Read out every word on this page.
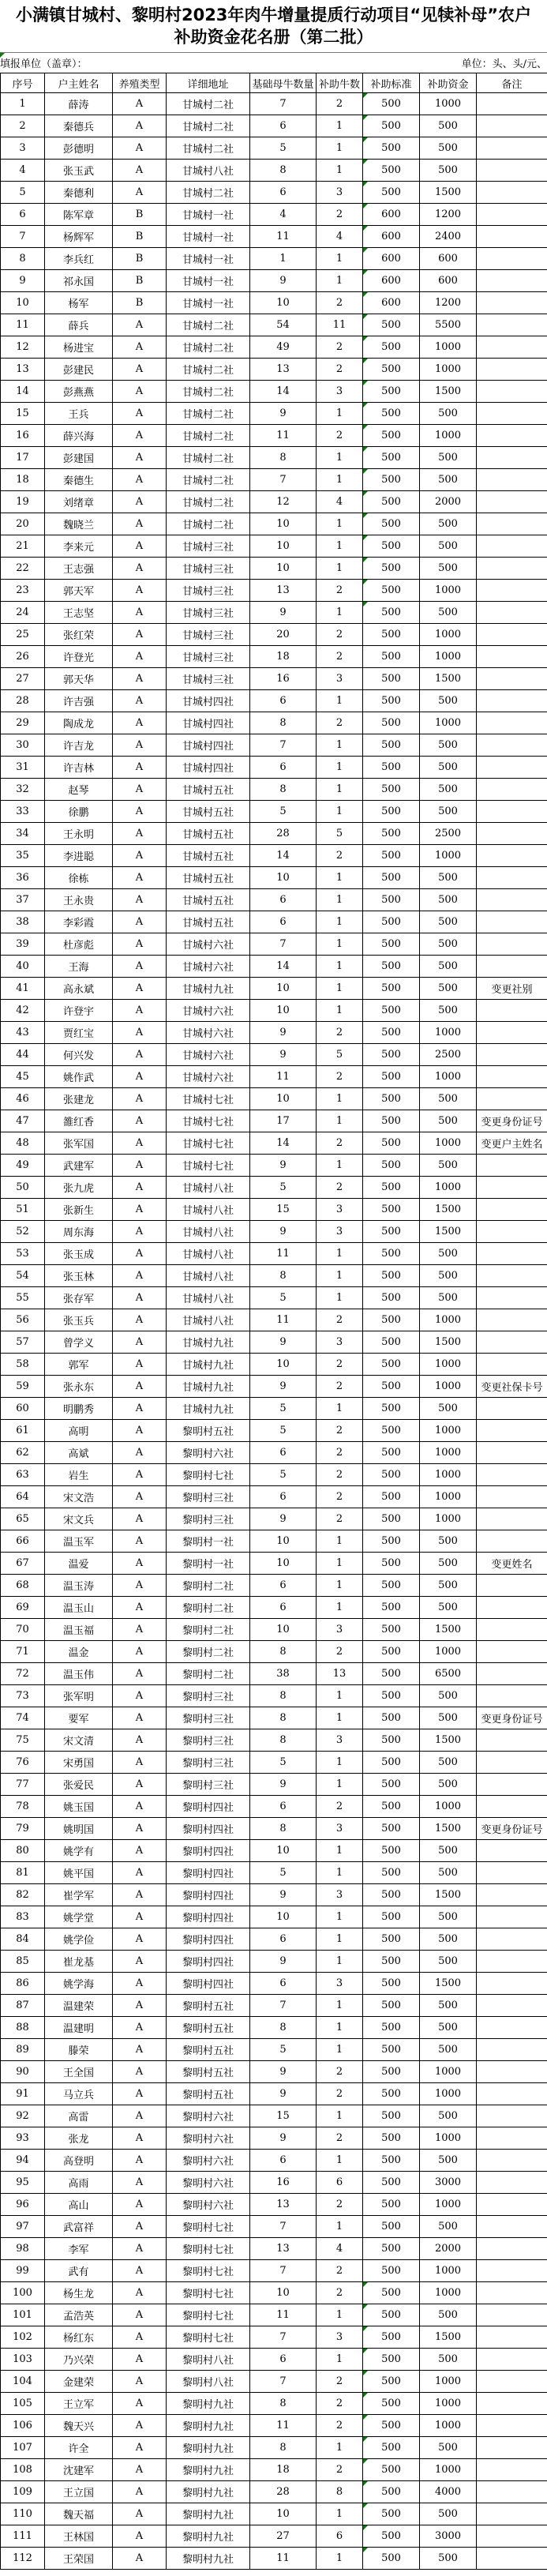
小满镇甘城村、黎明村2023年肉牛增量提质行动项目“见犊补母”农户
补助资金花名册（第二批）
填报单位（盖章）：	单位：头、头/元、
序号	户主姓名	养殖类型	详细地址	基础母牛数量	补助牛数	补助标准	补助资金	备注
1	薛涛	A	甘城村二社	7	2	500	1000	
2	秦德兵	A	甘城村二社	6	1	500	500	
3	彭德明	A	甘城村二社	5	1	500	500	
4	张玉武	A	甘城村八社	8	1	500	500	
5	秦德利	A	甘城村二社	6	3	500	1500	
6	陈军章	B	甘城村一社	4	2	600	1200	
7	杨辉军	B	甘城村一社	11	4	600	2400	
8	李兵红	B	甘城村一社	1	1	600	600	
9	祁永国	B	甘城村一社	9	1	600	600	
10	杨军	B	甘城村一社	10	2	600	1200	
11	薛兵	A	甘城村二社	54	11	500	5500	
12	杨进宝	A	甘城村二社	49	2	500	1000	
13	彭建民	A	甘城村二社	13	2	500	1000	
14	彭燕燕	A	甘城村二社	14	3	500	1500	
15	王兵	A	甘城村二社	9	1	500	500	
16	薛兴海	A	甘城村二社	11	2	500	1000	
17	彭建国	A	甘城村二社	8	1	500	500	
18	秦德生	A	甘城村二社	7	1	500	500	
19	刘绪章	A	甘城村二社	12	4	500	2000	
20	魏晓兰	A	甘城村二社	10	1	500	500	
21	李来元	A	甘城村三社	10	1	500	500	
22	王志强	A	甘城村三社	10	1	500	500	
23	郭天军	A	甘城村三社	13	2	500	1000	
24	王志坚	A	甘城村三社	9	1	500	500	
25	张红荣	A	甘城村三社	20	2	500	1000	
26	许登光	A	甘城村三社	18	2	500	1000	
27	郭天华	A	甘城村三社	16	3	500	1500	
28	许吉强	A	甘城村四社	6	1	500	500	
29	陶成龙	A	甘城村四社	8	2	500	1000	
30	许吉龙	A	甘城村四社	7	1	500	500	
31	许吉林	A	甘城村四社	6	1	500	500	
32	赵琴	A	甘城村五社	8	1	500	500	
33	徐鹏	A	甘城村五社	5	1	500	500	
34	王永明	A	甘城村五社	28	5	500	2500	
35	李进聪	A	甘城村五社	14	2	500	1000	
36	徐栋	A	甘城村五社	10	1	500	500	
37	王永贵	A	甘城村五社	6	1	500	500	
38	李彩霞	A	甘城村五社	6	1	500	500	
39	杜彦彪	A	甘城村六社	7	1	500	500	
40	王海	A	甘城村六社	14	1	500	500	
41	高永斌	A	甘城村九社	10	1	500	500	变更社别
42	许登宇	A	甘城村六社	10	1	500	500	
43	贾红宝	A	甘城村六社	9	2	500	1000	
44	何兴发	A	甘城村六社	9	5	500	2500	
45	姚作武	A	甘城村六社	11	2	500	1000	
46	张建龙	A	甘城村七社	10	1	500	500	
47	雒红香	A	甘城村七社	17	1	500	500	变更身份证号
48	张军国	A	甘城村七社	14	2	500	1000	变更户主姓名
49	武建军	A	甘城村七社	9	1	500	500	
50	张九虎	A	甘城村八社	5	2	500	1000	
51	张新生	A	甘城村八社	15	3	500	1500	
52	周东海	A	甘城村八社	9	3	500	1500	
53	张玉成	A	甘城村八社	11	1	500	500	
54	张玉林	A	甘城村八社	8	1	500	500	
55	张存军	A	甘城村八社	5	1	500	500	
56	张玉兵	A	甘城村八社	11	2	500	1000	
57	曾学义	A	甘城村九社	9	3	500	1500	
58	郭军	A	甘城村九社	10	2	500	1000	
59	张永东	A	甘城村九社	9	2	500	1000	变更社保卡号
60	明鹏秀	A	甘城村九社	5	1	500	500	
61	高明	A	黎明村五社	5	2	500	1000	
62	高斌	A	黎明村六社	6	2	500	1000	
63	岩生	A	黎明村七社	5	2	500	1000	
64	宋文浩	A	黎明村三社	6	2	500	1000	
65	宋文兵	A	黎明村三社	9	2	500	1000	
66	温玉军	A	黎明村一社	10	1	500	500	
67	温爱	A	黎明村一社	10	1	500	500	变更姓名
68	温玉涛	A	黎明村二社	6	1	500	500	
69	温玉山	A	黎明村二社	6	1	500	500	
70	温玉福	A	黎明村二社	10	3	500	1500	
71	温金	A	黎明村二社	8	2	500	1000	
72	温玉伟	A	黎明村二社	38	13	500	6500	
73	张军明	A	黎明村三社	8	1	500	500	
74	要军	A	黎明村三社	8	1	500	500	变更身份证号
75	宋文清	A	黎明村三社	8	3	500	1500	
76	宋勇国	A	黎明村三社	5	1	500	500	
77	张爱民	A	黎明村三社	9	1	500	500	
78	姚玉国	A	黎明村四社	6	2	500	1000	
79	姚明国	A	黎明村四社	8	3	500	1500	变更身份证号
80	姚学有	A	黎明村四社	10	1	500	500	
81	姚平国	A	黎明村四社	5	1	500	500	
82	崔学军	A	黎明村四社	9	3	500	1500	
83	姚学堂	A	黎明村四社	10	1	500	500	
84	姚学俭	A	黎明村四社	6	1	500	500	
85	崔龙基	A	黎明村四社	9	1	500	500	
86	姚学海	A	黎明村四社	6	3	500	1500	
87	温建荣	A	黎明村五社	7	1	500	500	
88	温建明	A	黎明村五社	8	1	500	500	
89	滕荣	A	黎明村五社	5	1	500	500	
90	王全国	A	黎明村五社	9	2	500	1000	
91	马立兵	A	黎明村五社	9	2	500	1000	
92	高雷	A	黎明村六社	15	1	500	500	
93	张龙	A	黎明村六社	9	2	500	1000	
94	高登明	A	黎明村六社	6	1	500	500	
95	高雨	A	黎明村六社	16	6	500	3000	
96	高山	A	黎明村六社	13	2	500	1000	
97	武富祥	A	黎明村七社	7	1	500	500	
98	李军	A	黎明村七社	13	4	500	2000	
99	武有	A	黎明村七社	7	2	500	1000	
100	杨生龙	A	黎明村七社	10	2	500	1000	
101	孟浩英	A	黎明村七社	11	1	500	500	
102	杨红东	A	黎明村七社	7	3	500	1500	
103	乃兴荣	A	黎明村八社	6	1	500	500	
104	金建荣	A	黎明村八社	7	2	500	1000	
105	王立军	A	黎明村九社	8	2	500	1000	
106	魏天兴	A	黎明村九社	11	2	500	1000	
107	许全	A	黎明村九社	8	1	500	500	
108	沈建军	A	黎明村九社	18	2	500	1000	
109	王立国	A	黎明村九社	28	8	500	4000	
110	魏天福	A	黎明村九社	10	1	500	500	
111	王林国	A	黎明村九社	27	6	500	3000	
112	王荣国	A	黎明村九社	11	1	500	500	
